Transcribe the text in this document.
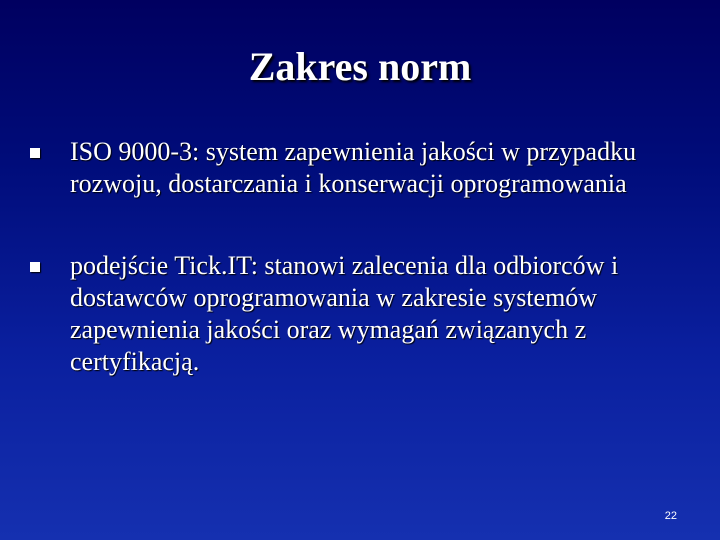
Zakres norm
ISO 9000-3: system zapewnienia jakości w przypadku rozwoju, dostarczania i konserwacji oprogramowania
podejście Tick.IT: stanowi zalecenia dla odbiorców i dostawców oprogramowania w zakresie systemów zapewnienia jakości oraz wymagań związanych z certyfikacją.
22
